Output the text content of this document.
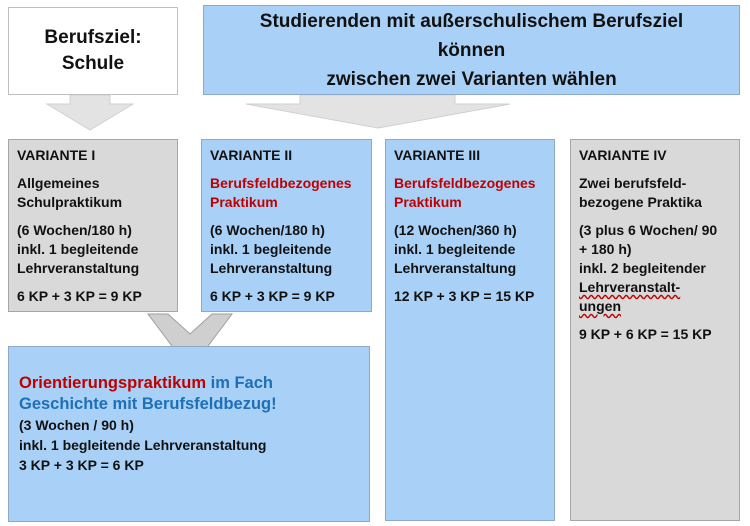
Berufsziel:
Schule
Studierenden mit außerschulischem Berufsziel können
zwischen zwei Varianten wählen

VARIANTE I

Allgemeines

Schulpraktikum

(6 Wochen/180 h)

inkl. 1 begleitende

Lehrveranstaltung

6 KP + 3 KP = 9 KP

VARIANTE II

Berufsfeldbezogenes

Praktikum

(6 Wochen/180 h)

inkl. 1 begleitende

Lehrveranstaltung

6 KP + 3 KP = 9 KP

VARIANTE III

Berufsfeldbezogenes

Praktikum

(12 Wochen/360 h)

inkl. 1 begleitende

Lehrveranstaltung

12 KP + 3 KP = 15 KP

VARIANTE IV

Zwei berufsfeld-

bezogene Praktika

(3 plus 6 Wochen/ 90

+ 180 h)

inkl. 2 begleitender

Lehrveranstalt-

ungen

9 KP + 6 KP = 15 KP

Orientierungspraktikum im Fach

Geschichte mit Berufsfeldbezug!

(3 Wochen / 90 h)

inkl. 1 begleitende Lehrveranstaltung

3 KP + 3 KP = 6 KP
